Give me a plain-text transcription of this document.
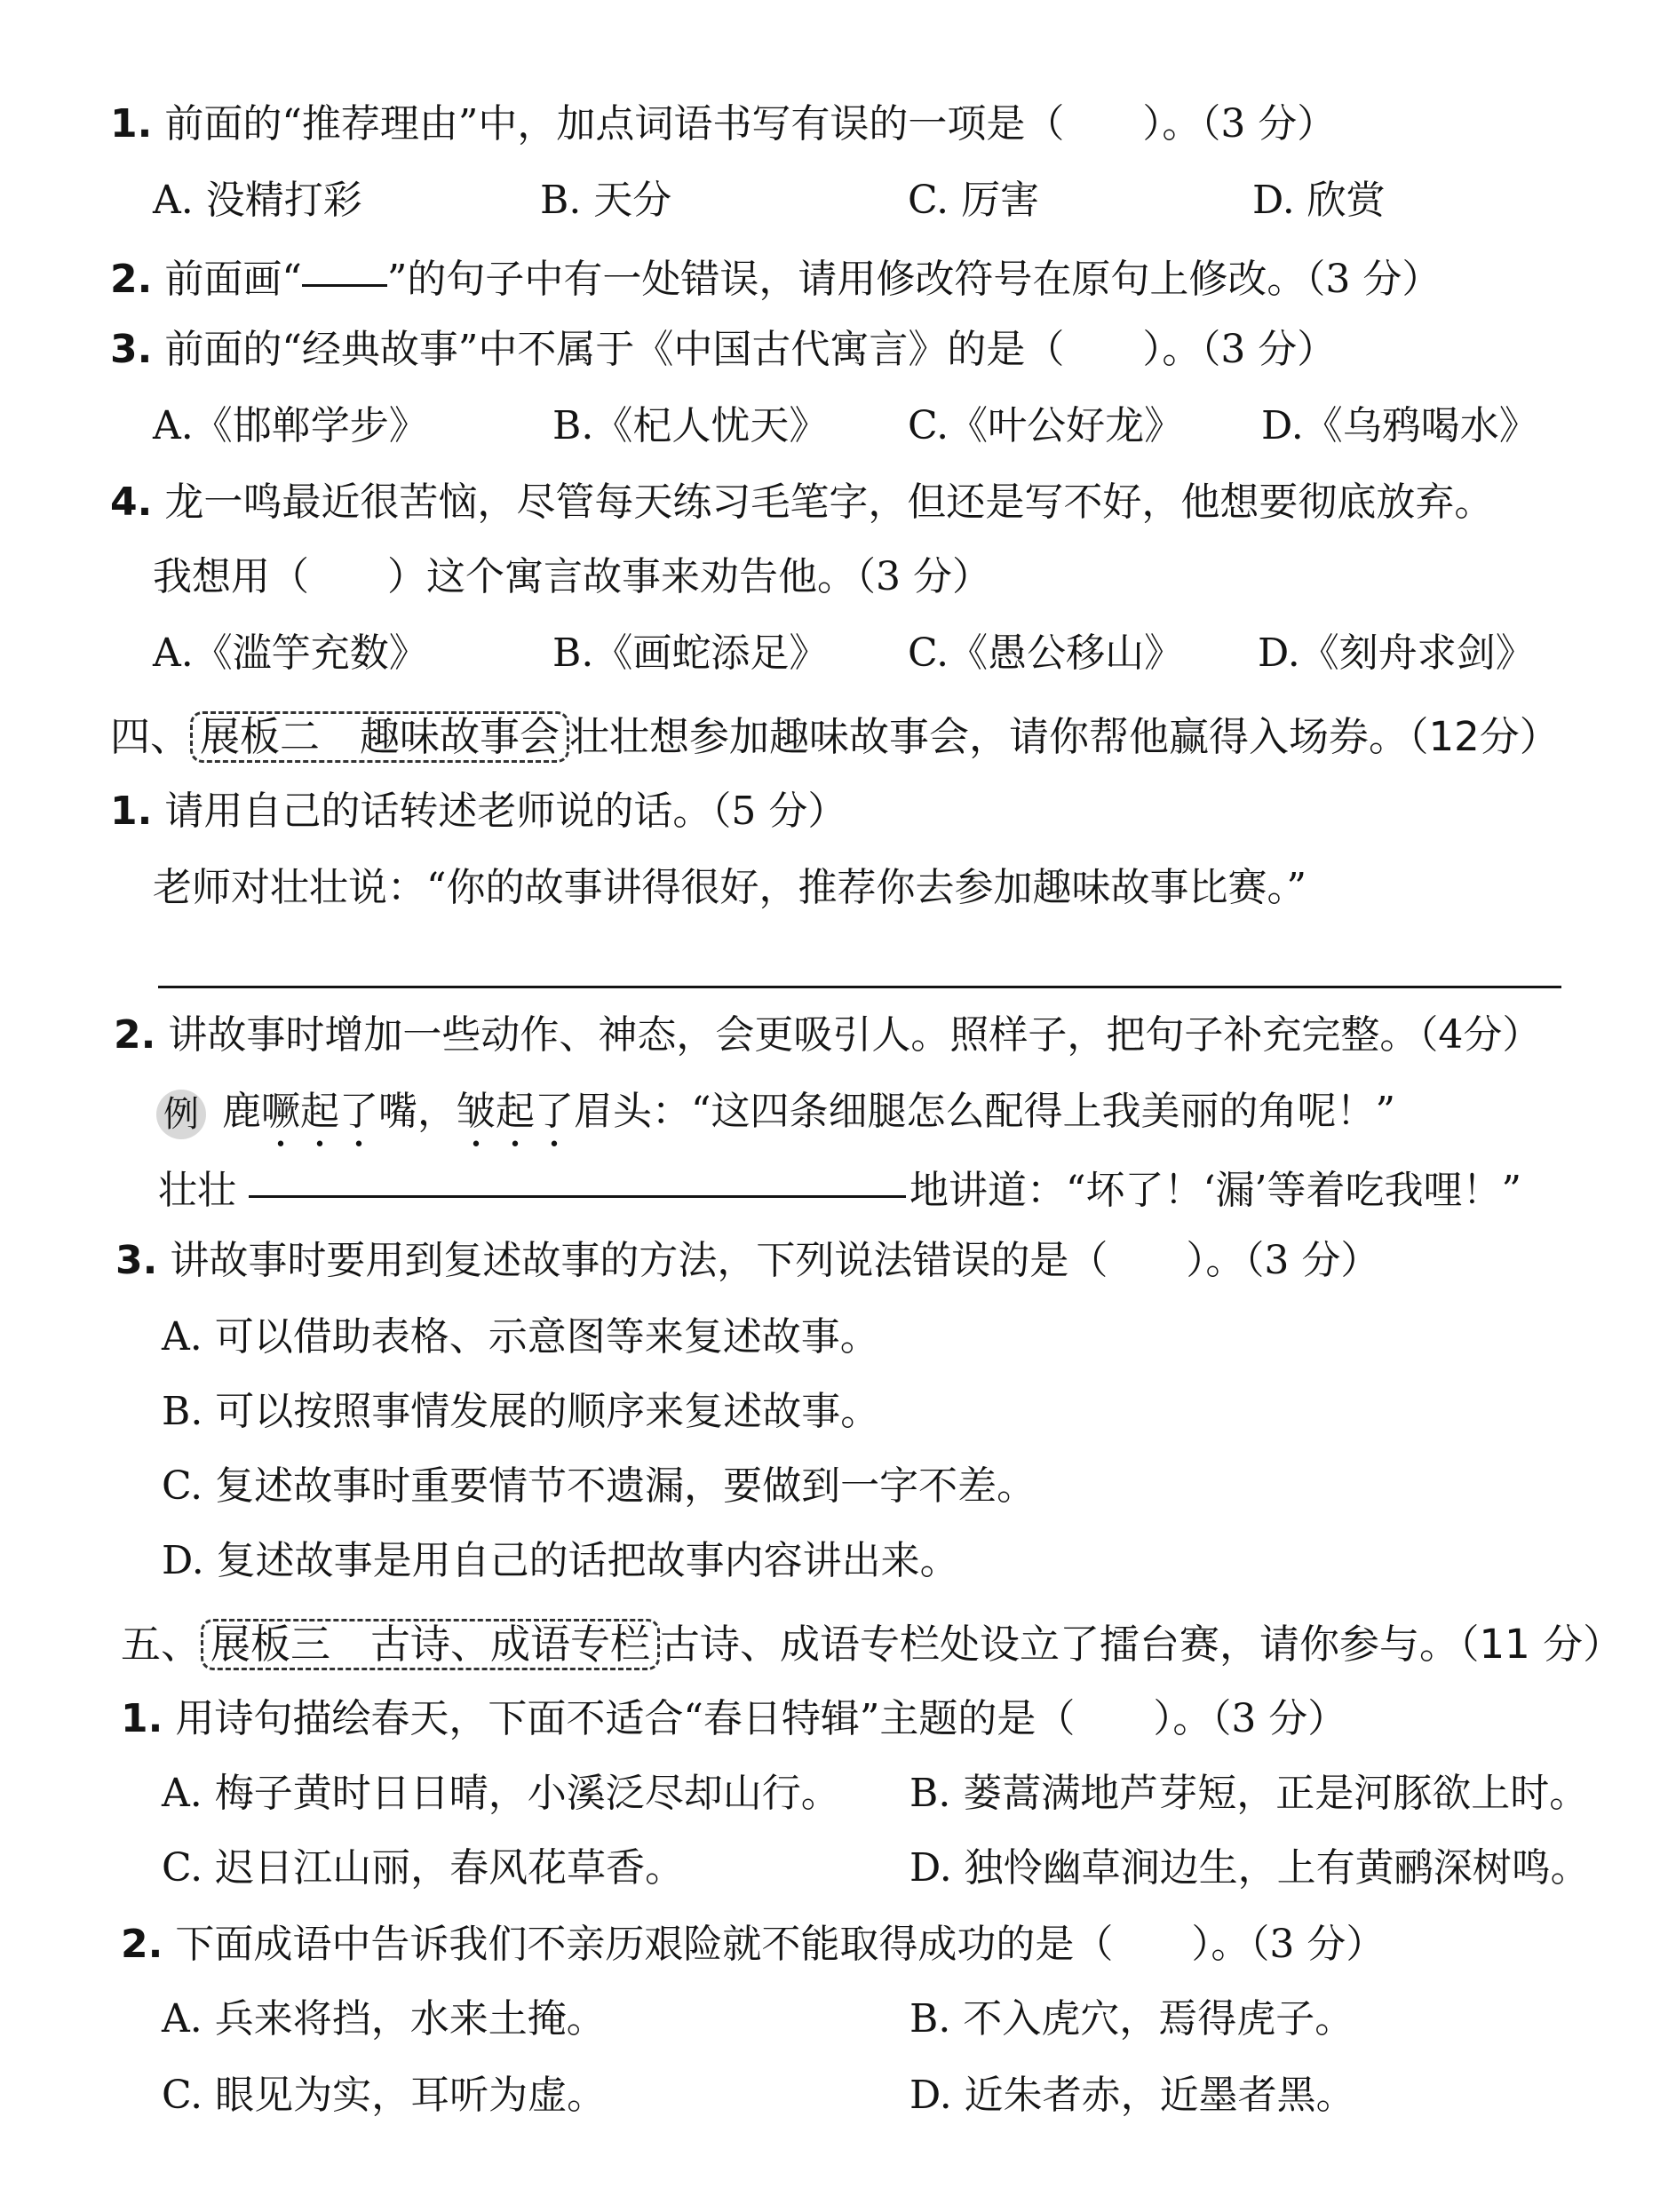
1. 前面的“推荐理由”中，加点词语书写有误的一项是（　　）。（3 分）
A. 没精打彩	B. 天分	C. 厉害	D. 欣赏
2. 前面画“ ”的句子中有一处错误，请用修改符号在原句上修改。（3 分）
3. 前面的“经典故事”中不属于《中国古代寓言》的是（　　）。（3 分）
A.《邯郸学步》	B.《杞人忧天》 C.《叶公好龙》 D.《乌鸦喝水》
4. 龙一鸣最近很苦恼，尽管每天练习毛笔字，但还是写不好，他想要彻底放弃。
我想用（　　）这个寓言故事来劝告他。（3 分）
A.《滥竽充数》	B.《画蛇添足》 C.《愚公移山》 D.《刻舟求剑》
四、 展板二　趣味故事会 壮壮想参加趣味故事会，请你帮他赢得入场券。（12分）
1. 请用自己的话转述老师说的话。（5 分）
老师对壮壮说：“你的故事讲得很好，推荐你去参加趣味故事比赛。”
2. 讲故事时增加一些动作、神态，会更吸引人。照样子，把句子补充完整。（4分）
例 鹿噘起了嘴，皱起了眉头：“这四条细腿怎么配得上我美丽的角呢！”
壮壮	地讲道：“坏了！‘漏’等着吃我哩！”
3. 讲故事时要用到复述故事的方法，下列说法错误的是（　　）。（3 分）
A. 可以借助表格、示意图等来复述故事。
B. 可以按照事情发展的顺序来复述故事。
C. 复述故事时重要情节不遗漏，要做到一字不差。
D. 复述故事是用自己的话把故事内容讲出来。
五、 展板三　古诗、成语专栏 古诗、成语专栏处设立了擂台赛，请你参与。（11 分）
1. 用诗句描绘春天，下面不适合“春日特辑”主题的是（　　）。（3 分）
A. 梅子黄时日日晴，小溪泛尽却山行。 B. 蒌蒿满地芦芽短，正是河豚欲上时。
C. 迟日江山丽，春风花草香。	D. 独怜幽草涧边生，上有黄鹂深树鸣。
2. 下面成语中告诉我们不亲历艰险就不能取得成功的是（　　）。（3 分）
A. 兵来将挡，水来土掩。	B. 不入虎穴，焉得虎子。
C. 眼见为实，耳听为虚。	D. 近朱者赤，近墨者黑。
